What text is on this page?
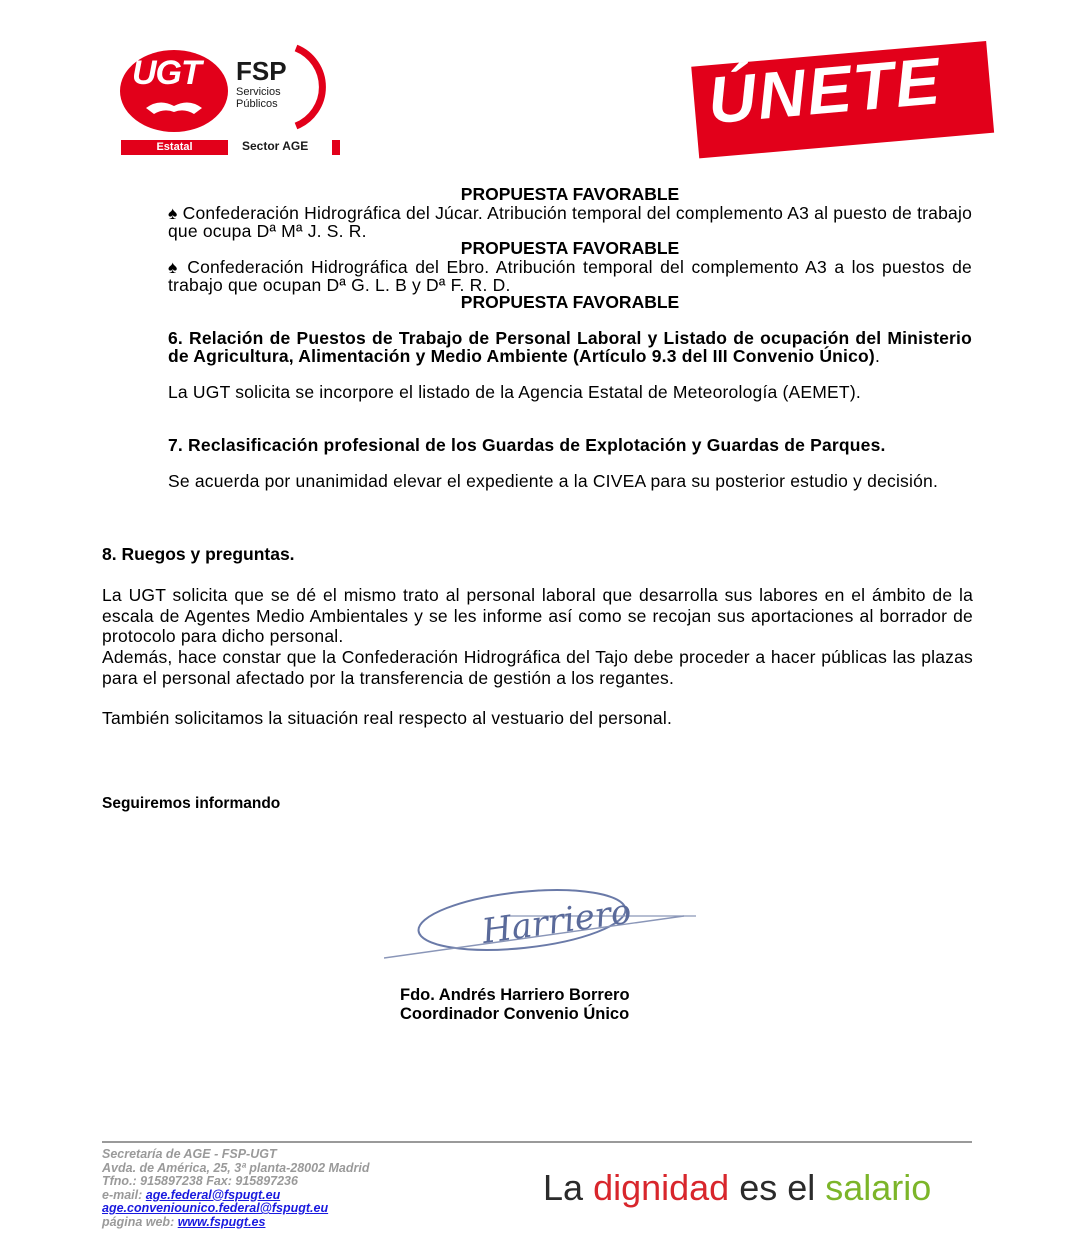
UGT FSP
Servicios Públicos
Estatal	Sector AGE
Unión General de Trabajadores
ÚNETE
PROPUESTA FAVORABLE
♠ Confederación Hidrográfica del Júcar. Atribución temporal del complemento A3 al puesto de trabajo que ocupa Dª Mª J. S. R.
PROPUESTA FAVORABLE
♠ Confederación Hidrográfica del Ebro. Atribución temporal del complemento A3 a los puestos de trabajo que ocupan Dª G. L. B y Dª F. R. D.
PROPUESTA FAVORABLE
6. Relación de Puestos de Trabajo de Personal Laboral y Listado de ocupación del Ministerio de Agricultura, Alimentación y Medio Ambiente (Artículo 9.3 del III Convenio Único).
La UGT solicita se incorpore el listado de la Agencia Estatal de Meteorología (AEMET).
7. Reclasificación profesional de los Guardas de Explotación y Guardas de Parques.
Se acuerda por unanimidad elevar el expediente a la CIVEA para su posterior estudio y decisión.
8. Ruegos y preguntas.
La UGT solicita que se dé el mismo trato al personal laboral que desarrolla sus labores en el ámbito de la escala de Agentes Medio Ambientales y se les informe así como se recojan sus aportaciones al borrador de protocolo para dicho personal.
Además, hace constar que la Confederación Hidrográfica del Tajo debe proceder a hacer públicas las plazas para el personal afectado por la transferencia de gestión a los regantes.
También solicitamos la situación real respecto al vestuario del personal.
Seguiremos informando
Harriero
Fdo. Andrés Harriero Borrero
Coordinador Convenio Único
Secretaría de AGE - FSP-UGT
Avda. de América, 25, 3ª planta-28002 Madrid
Tfno.: 915897238 Fax: 915897236
e-mail: age.federal@fspugt.eu
age.conveniounico.federal@fspugt.eu
página web: www.fspugt.es
La dignidad es el salario
